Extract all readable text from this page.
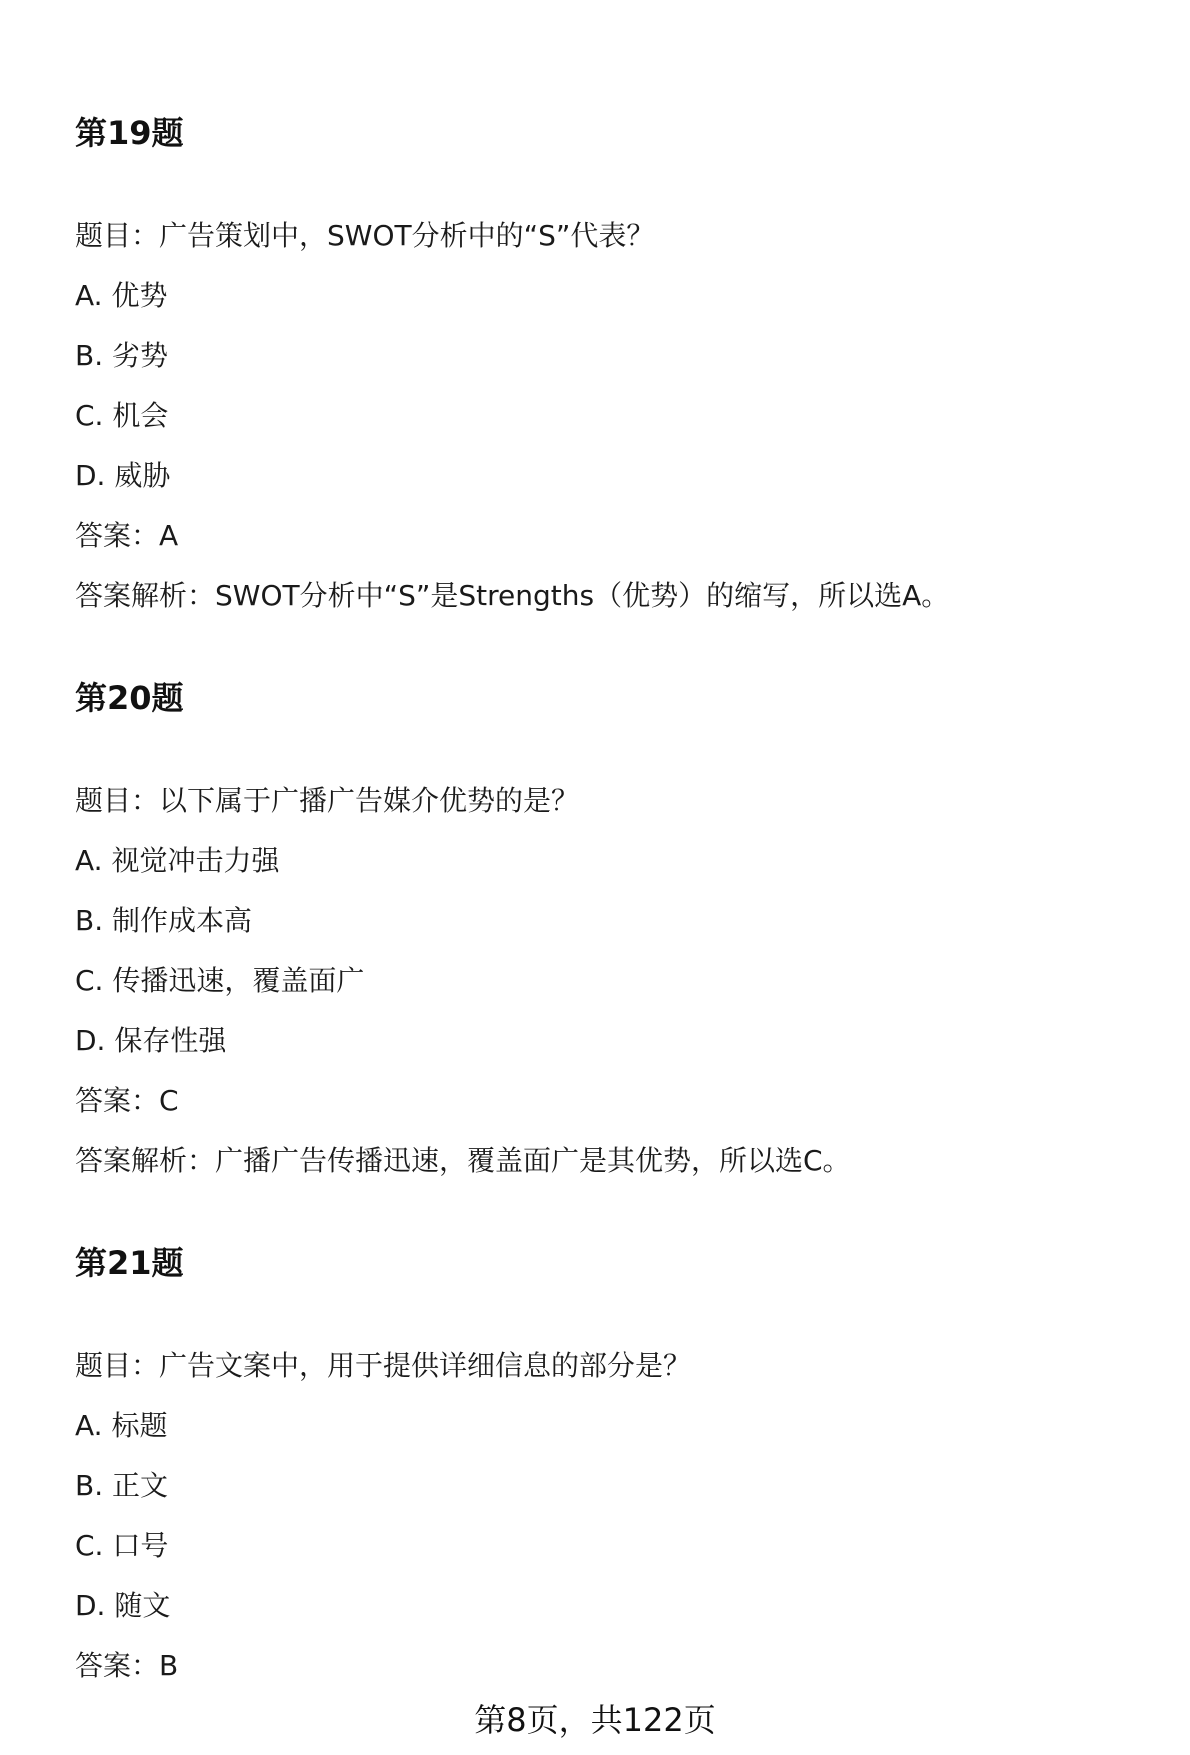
第19题
题目：广告策划中，SWOT分析中的“S”代表？
A. 优势
B. 劣势
C. 机会
D. 威胁
答案：A
答案解析：SWOT分析中“S”是Strengths（优势）的缩写，所以选A。
第20题
题目：以下属于广播广告媒介优势的是？
A. 视觉冲击力强
B. 制作成本高
C. 传播迅速，覆盖面广
D. 保存性强
答案：C
答案解析：广播广告传播迅速，覆盖面广是其优势，所以选C。
第21题
题目：广告文案中，用于提供详细信息的部分是？
A. 标题
B. 正文
C. 口号
D. 随文
答案：B
第8页，共122页
